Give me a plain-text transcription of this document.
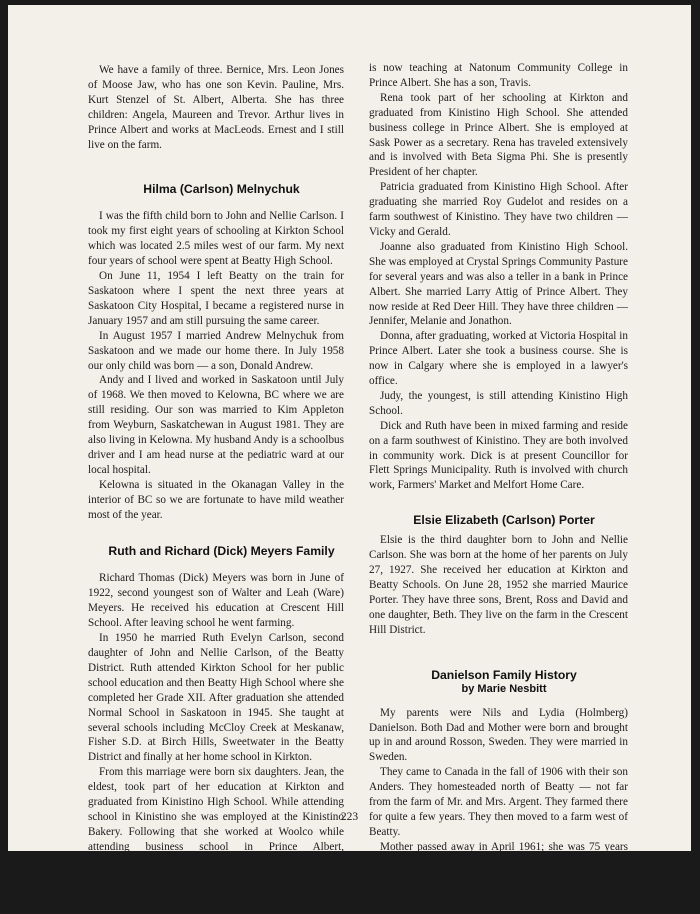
We have a family of three. Bernice, Mrs. Leon Jones of Moose Jaw, who has one son Kevin. Pauline, Mrs. Kurt Stenzel of St. Albert, Alberta. She has three children: Angela, Maureen and Trevor. Arthur lives in Prince Albert and works at MacLeods. Ernest and I still live on the farm.

Hilma (Carlson) Melnychuk

I was the fifth child born to John and Nellie Carlson. I took my first eight years of schooling at Kirkton School which was located 2.5 miles west of our farm. My next four years of school were spent at Beatty High School.

On June 11, 1954 I left Beatty on the train for Saskatoon where I spent the next three years at Saskatoon City Hospital, I became a registered nurse in January 1957 and am still pursuing the same career.

In August 1957 I married Andrew Melnychuk from Saskatoon and we made our home there. In July 1958 our only child was born — a son, Donald Andrew.

Andy and I lived and worked in Saskatoon until July of 1968. We then moved to Kelowna, BC where we are still residing. Our son was married to Kim Appleton from Weyburn, Saskatchewan in August 1981. They are also living in Kelowna. My husband Andy is a schoolbus driver and I am head nurse at the pediatric ward at our local hospital.

Kelowna is situated in the Okanagan Valley in the interior of BC so we are fortunate to have mild weather most of the year.

Ruth and Richard (Dick) Meyers Family

Richard Thomas (Dick) Meyers was born in June of 1922, second youngest son of Walter and Leah (Ware) Meyers. He received his education at Crescent Hill School. After leaving school he went farming.

In 1950 he married Ruth Evelyn Carlson, second daughter of John and Nellie Carlson, of the Beatty District. Ruth attended Kirkton School for her public school education and then Beatty High School where she completed her Grade XII. After graduation she attended Normal School in Saskatoon in 1945. She taught at several schools including McCloy Creek at Meskanaw, Fisher S.D. at Birch Hills, Sweetwater in the Beatty District and finally at her home school in Kirkton.

From this marriage were born six daughters. Jean, the eldest, took part of her education at Kirkton and graduated from Kinistino High School. While attending school in Kinistino she was employed at the Kinistino Bakery. Following that she worked at Woolco while attending business school in Prince Albert, Saskatchewan. After finishing she worked for the Northern School Board. She later attended University of Regina for three years where she obtained her Bachelor of Education. She

is now teaching at Natonum Community College in Prince Albert. She has a son, Travis.

Rena took part of her schooling at Kirkton and graduated from Kinistino High School. She attended business college in Prince Albert. She is employed at Sask Power as a secretary. Rena has traveled extensively and is involved with Beta Sigma Phi. She is presently President of her chapter.

Patricia graduated from Kinistino High School. After graduating she married Roy Gudelot and resides on a farm southwest of Kinistino. They have two children — Vicky and Gerald.

Joanne also graduated from Kinistino High School. She was employed at Crystal Springs Community Pasture for several years and was also a teller in a bank in Prince Albert. She married Larry Attig of Prince Albert. They now reside at Red Deer Hill. They have three children — Jennifer, Melanie and Jonathon.

Donna, after graduating, worked at Victoria Hospital in Prince Albert. Later she took a business course. She is now in Calgary where she is employed in a lawyer's office.

Judy, the youngest, is still attending Kinistino High School.

Dick and Ruth have been in mixed farming and reside on a farm southwest of Kinistino. They are both involved in community work. Dick is at present Councillor for Flett Springs Municipality. Ruth is involved with church work, Farmers' Market and Melfort Home Care.

Elsie Elizabeth (Carlson) Porter

Elsie is the third daughter born to John and Nellie Carlson. She was born at the home of her parents on July 27, 1927. She received her education at Kirkton and Beatty Schools. On June 28, 1952 she married Maurice Porter. They have three sons, Brent, Ross and David and one daughter, Beth. They live on the farm in the Crescent Hill District.

Danielson Family History

by Marie Nesbitt

My parents were Nils and Lydia (Holmberg) Danielson. Both Dad and Mother were born and brought up in and around Rosson, Sweden. They were married in Sweden.

They came to Canada in the fall of 1906 with their son Anders. They homesteaded north of Beatty — not far from the farm of Mr. and Mrs. Argent. They farmed there for quite a few years. They then moved to a farm west of Beatty.

Mother passed away in April 1961; she was 75 years old. Dad passed away in May 1970; he was 89 years old.

We are a family of five girls and five boys. We are all living. Anders P. Danielson — born in Sweden, Septem-

223
